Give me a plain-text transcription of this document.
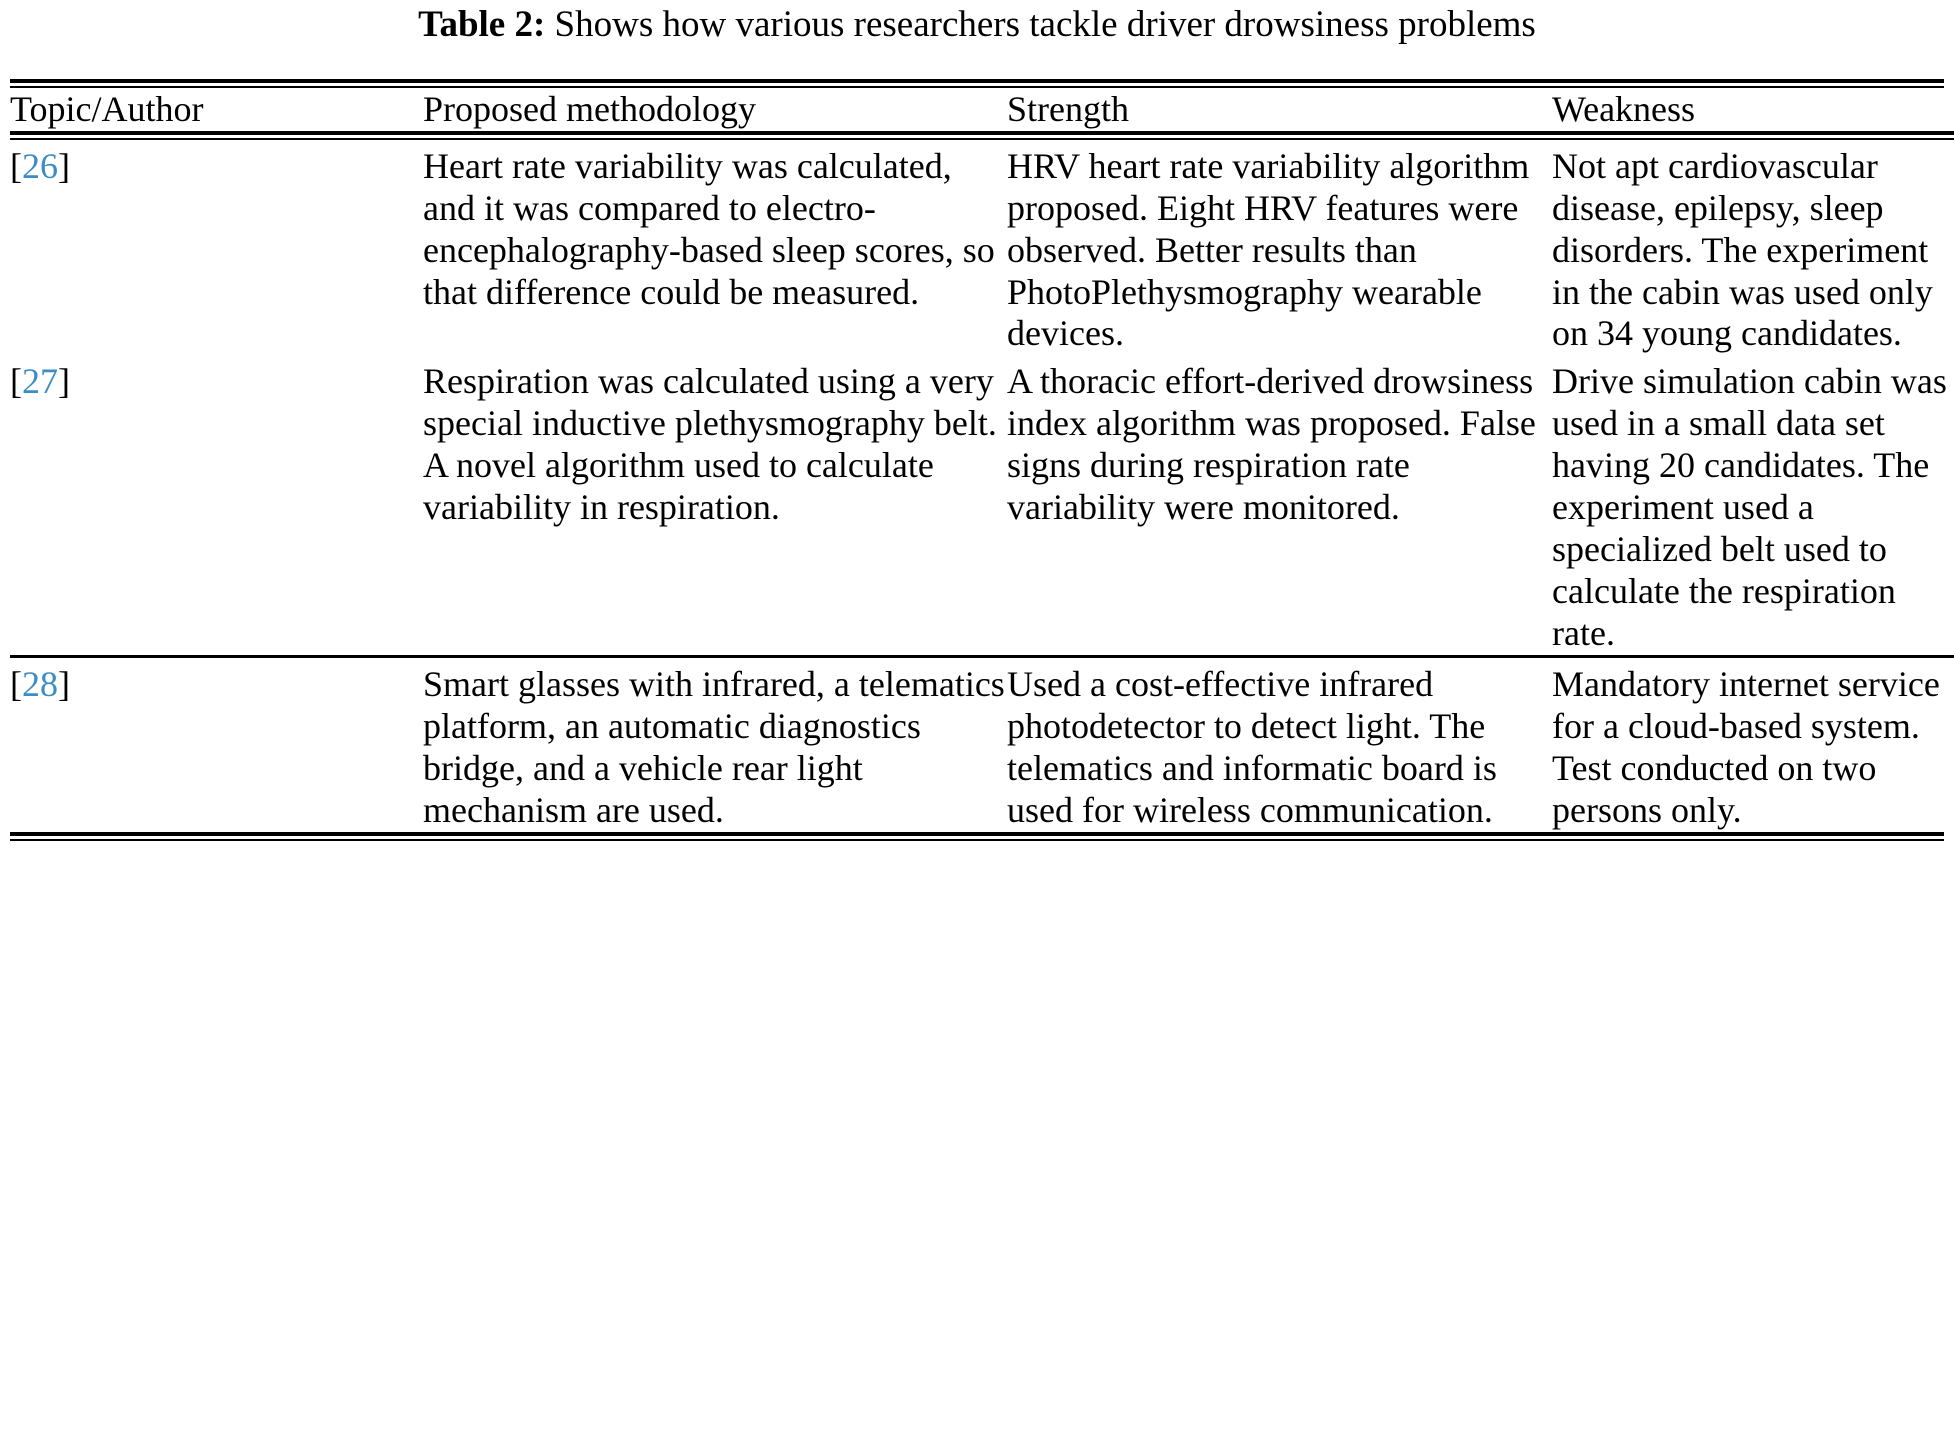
Table 2: Shows how various researchers tackle driver drowsiness problems
Topic/Author	Proposed methodology	Strength	Weakness

[26]	Heart rate variability was calculated, and it was compared to electro-encephalography-based sleep scores, so that difference could be measured.	HRV heart rate variability algorithm proposed. Eight HRV features were observed. Better results than PhotoPlethysmography wearable devices.	Not apt cardiovascular disease, epilepsy, sleep disorders. The experiment in the cabin was used only on 34 young candidates.

[27]	Respiration was calculated using a very special inductive plethysmography belt. A novel algorithm used to calculate variability in respiration.	A thoracic effort-derived drowsiness index algorithm was proposed. False signs during respiration rate variability were monitored.	Drive simulation cabin was used in a small data set having 20 candidates. The experiment used a specialized belt used to calculate the respiration rate.

[28]	Smart glasses with infrared, a telematics platform, an automatic diagnostics bridge, and a vehicle rear light mechanism are used.	Used a cost-effective infrared photodetector to detect light. The telematics and informatic board is used for wireless communication.	Mandatory internet service for a cloud-based system. Test conducted on two persons only.
